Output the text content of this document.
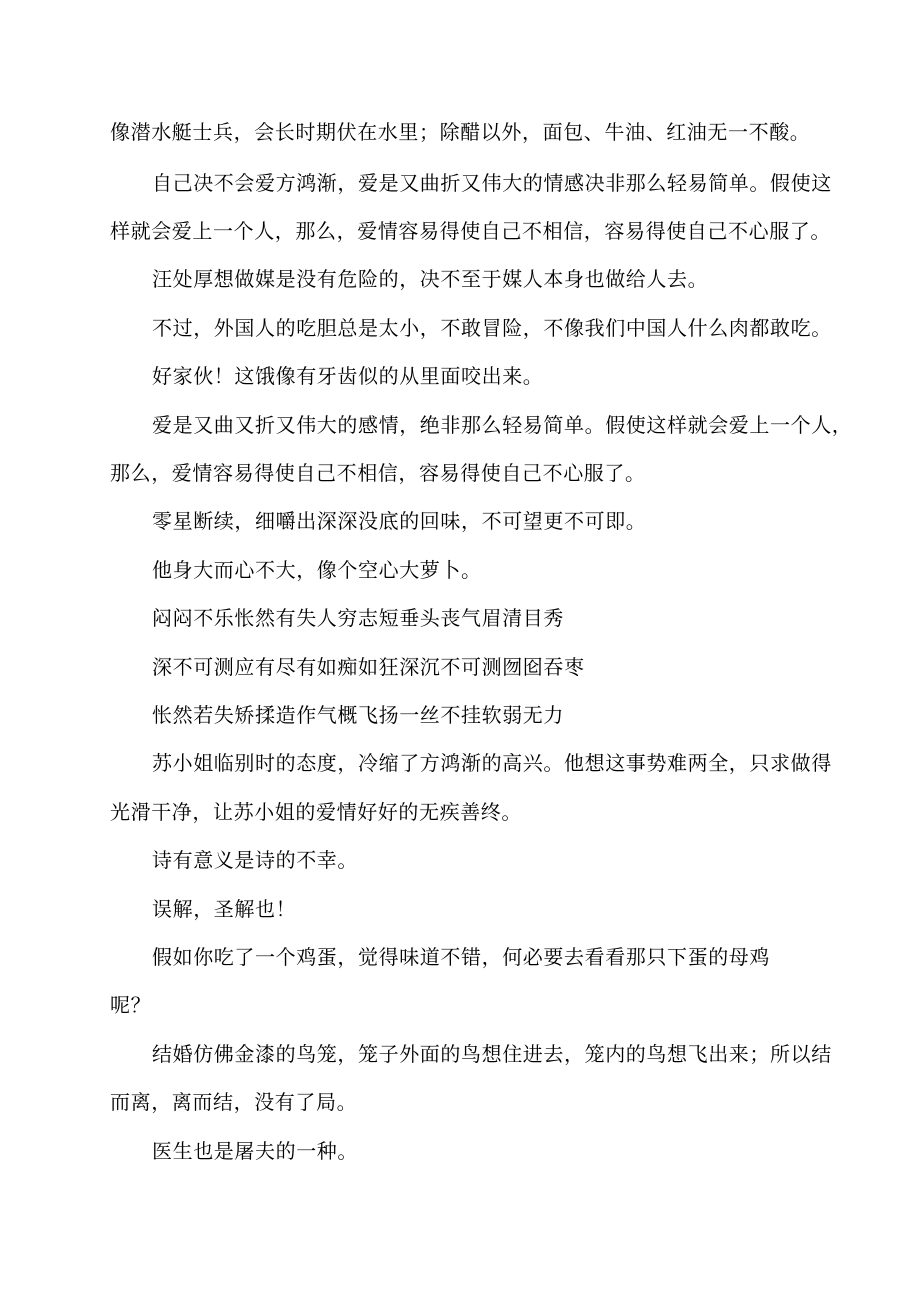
像潜水艇士兵，会长时期伏在水里；除醋以外，面包、牛油、红油无一不酸。
自己决不会爱方鸿渐，爱是又曲折又伟大的情感决非那么轻易简单。假使这
样就会爱上一个人，那么，爱情容易得使自己不相信，容易得使自己不心服了。
汪处厚想做媒是没有危险的，决不至于媒人本身也做给人去。
不过，外国人的吃胆总是太小，不敢冒险，不像我们中国人什么肉都敢吃。
好家伙！这饿像有牙齿似的从里面咬出来。
爱是又曲又折又伟大的感情，绝非那么轻易简单。假使这样就会爱上一个人，
那么，爱情容易得使自己不相信，容易得使自己不心服了。
零星断续，细嚼出深深没底的回味，不可望更不可即。
他身大而心不大，像个空心大萝卜。
闷闷不乐怅然有失人穷志短垂头丧气眉清目秀
深不可测应有尽有如痴如狂深沉不可测囫囵吞枣
怅然若失矫揉造作气概飞扬一丝不挂软弱无力
苏小姐临别时的态度，冷缩了方鸿渐的高兴。他想这事势难两全，只求做得
光滑干净，让苏小姐的爱情好好的无疾善终。
诗有意义是诗的不幸。
误解，圣解也！
假如你吃了一个鸡蛋，觉得味道不错，何必要去看看那只下蛋的母鸡
呢？
结婚仿佛金漆的鸟笼，笼子外面的鸟想住进去，笼内的鸟想飞出来；所以结
而离，离而结，没有了局。
医生也是屠夫的一种。
